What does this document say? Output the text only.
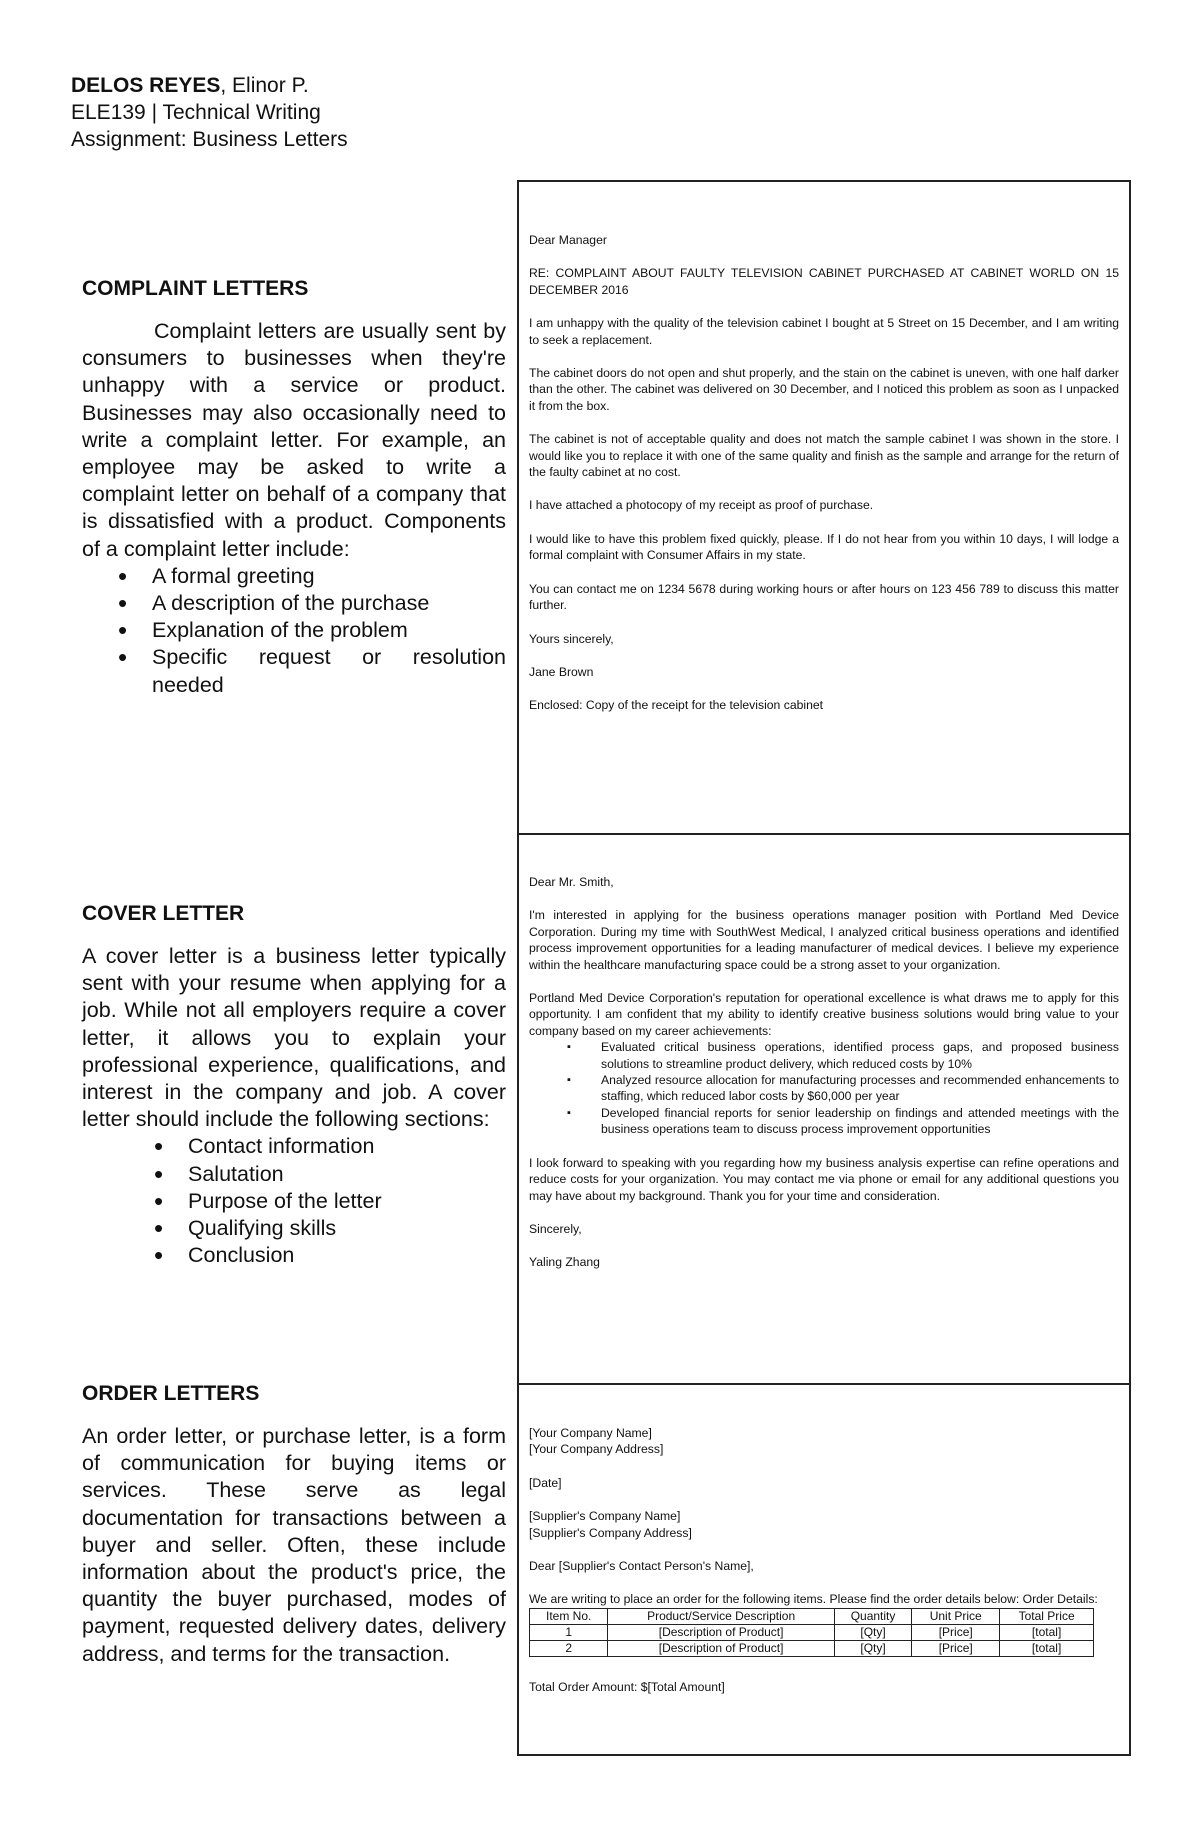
DELOS REYES, Elinor P.
ELE139 | Technical Writing
Assignment: Business Letters
COMPLAINT LETTERS

Complaint letters are usually sent by consumers to businesses when they're unhappy with a service or product. Businesses may also occasionally need to write a complaint letter. For example, an employee may be asked to write a complaint letter on behalf of a company that is dissatisfied with a product. Components of a complaint letter include:

• A formal greeting
• A description of the purchase
• Explanation of the problem
• Specific request or resolution needed
COVER LETTER

A cover letter is a business letter typically sent with your resume when applying for a job. While not all employers require a cover letter, it allows you to explain your professional experience, qualifications, and interest in the company and job. A cover letter should include the following sections:

• Contact information
• Salutation
• Purpose of the letter
• Qualifying skills
• Conclusion
ORDER LETTERS

An order letter, or purchase letter, is a form of communication for buying items or services. These serve as legal documentation for transactions between a buyer and seller. Often, these include information about the product's price, the quantity the buyer purchased, modes of payment, requested delivery dates, delivery address, and terms for the transaction.

Dear Manager

RE: COMPLAINT ABOUT FAULTY TELEVISION CABINET PURCHASED AT CABINET WORLD ON 15 DECEMBER 2016

I am unhappy with the quality of the television cabinet I bought at 5 Street on 15 December, and I am writing to seek a replacement.

The cabinet doors do not open and shut properly, and the stain on the cabinet is uneven, with one half darker than the other. The cabinet was delivered on 30 December, and I noticed this problem as soon as I unpacked it from the box.

The cabinet is not of acceptable quality and does not match the sample cabinet I was shown in the store. I would like you to replace it with one of the same quality and finish as the sample and arrange for the return of the faulty cabinet at no cost.

I have attached a photocopy of my receipt as proof of purchase.

I would like to have this problem fixed quickly, please. If I do not hear from you within 10 days, I will lodge a formal complaint with Consumer Affairs in my state.

You can contact me on 1234 5678 during working hours or after hours on 123 456 789 to discuss this matter further.

Yours sincerely,

Jane Brown

Enclosed: Copy of the receipt for the television cabinet

Dear Mr. Smith,

I'm interested in applying for the business operations manager position with Portland Med Device Corporation. During my time with SouthWest Medical, I analyzed critical business operations and identified process improvement opportunities for a leading manufacturer of medical devices. I believe my experience within the healthcare manufacturing space could be a strong asset to your organization.

Portland Med Device Corporation's reputation for operational excellence is what draws me to apply for this opportunity. I am confident that my ability to identify creative business solutions would bring value to your company based on my career achievements:

▪ Evaluated critical business operations, identified process gaps, and proposed business solutions to streamline product delivery, which reduced costs by 10%
▪ Analyzed resource allocation for manufacturing processes and recommended enhancements to staffing, which reduced labor costs by $60,000 per year
▪ Developed financial reports for senior leadership on findings and attended meetings with the business operations team to discuss process improvement opportunities

I look forward to speaking with you regarding how my business analysis expertise can refine operations and reduce costs for your organization. You may contact me via phone or email for any additional questions you may have about my background. Thank you for your time and consideration.

Sincerely,

Yaling Zhang

[Your Company Name]

[Your Company Address]

[Date]

[Supplier's Company Name]

[Supplier's Company Address]

Dear [Supplier's Contact Person's Name],

We are writing to place an order for the following items. Please find the order details below: Order Details:

Item No.	Product/Service Description	Quantity	Unit Price	Total Price
1	[Description of Product]	[Qty]	[Price]	[total]
2	[Description of Product]	[Qty]	[Price]	[total]

Total Order Amount: $[Total Amount]
